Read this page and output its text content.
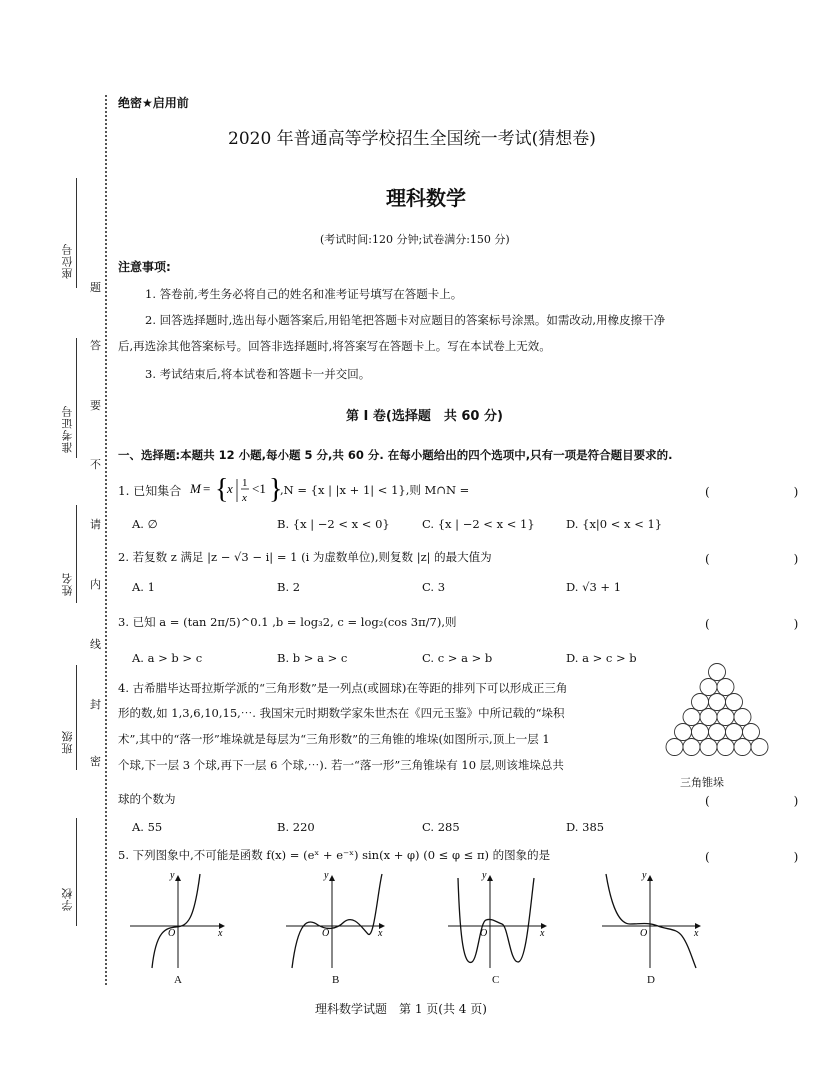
座位号
准考证号
姓名
班级
学校
题
答
要
不
请
内
线
封
密
绝密★启用前
2020 年普通高等学校招生全国统一考试(猜想卷)
理科数学
(考试时间:120 分钟;试卷满分:150 分)
注意事项:
1. 答卷前,考生务必将自己的姓名和准考证号填写在答题卡上。
2. 回答选择题时,选出每小题答案后,用铅笔把答题卡对应题目的答案标号涂黑。如需改动,用橡皮擦干净
后,再选涂其他答案标号。回答非选择题时,将答案写在答题卡上。写在本试卷上无效。
3. 考试结束后,将本试卷和答题卡一并交回。
第 I 卷(选择题　共 60 分)
一、选择题:本题共 12 小题,每小题 5 分,共 60 分. 在每小题给出的四个选项中,只有一项是符合题目要求的.
1. 已知集合 M = {
x 1
x
<1 }
,N = {x | |x + 1| < 1},则 M∩N =	(　　)
A. ∅	B. {x | −2 < x < 0}	C. {x | −2 < x < 1}	D. {x|0 < x < 1}
2. 若复数 z 满足 |z − √3 − i| = 1 (i 为虚数单位),则复数 |z| 的最大值为	(　　)
A. 1	B. 2	C. 3	D. √3 + 1
3. 已知 a = (tan 2π/5)^0.1 ,b = log₃2, c = log₂(cos 3π/7),则	(　　)
A. a > b > c	B. b > a > c	C. c > a > b	D. a > c > b
4. 古希腊毕达哥拉斯学派的“三角形数”是一列点(或圆球)在等距的排列下可以形成正三角
形的数,如 1,3,6,10,15,⋯. 我国宋元时期数学家朱世杰在《四元玉鉴》中所记载的“垛积
术”,其中的“落一形”堆垛就是每层为“三角形数”的三角锥的堆垛(如图所示,顶上一层 1
个球,下一层 3 个球,再下一层 6 个球,⋯). 若一“落一形”三角锥垛有 10 层,则该堆垛总共
球的个数为	(　　)
三角锥垛
A. 55	B. 220	C. 285	D. 385
5. 下列图象中,不可能是函数 f(x) = (eˣ + e⁻ˣ) sin(x + φ) (0 ≤ φ ≤ π) 的图象的是	(　　)
y
x
O
A
y
x
O
B
y
x
O
C
y
x
O
D
理科数学试题　第 1 页(共 4 页)
